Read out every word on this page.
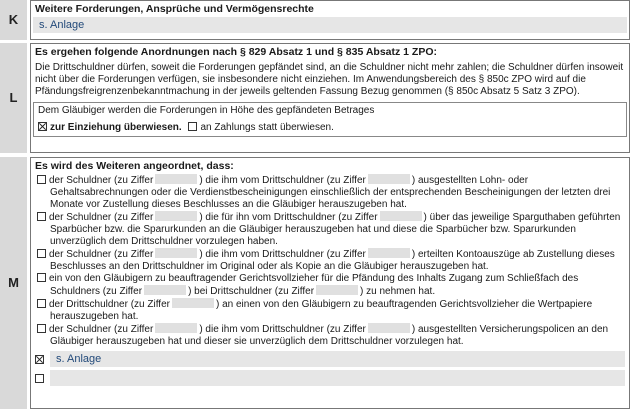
K
Weitere Forderungen, Ansprüche und Vermögensrechte
s. Anlage
L
Es ergehen folgende Anordnungen nach § 829 Absatz 1 und § 835 Absatz 1 ZPO:
Die Drittschuldner dürfen, soweit die Forderungen gepfändet sind, an die Schuldner nicht mehr zahlen; die Schuldner dürfen insoweit nicht über die Forderungen verfügen, sie insbesondere nicht einziehen. Im Anwendungsbereich des § 850c ZPO wird auf die Pfändungsfreigrenzenbekanntmachung in der jeweils geltenden Fassung Bezug genommen (§ 850c Absatz 5 Satz 3 ZPO).
Dem Gläubiger werden die Forderungen in Höhe des gepfändeten Betrages
zur Einziehung überwiesen. an Zahlungs statt überwiesen.
M
Es wird des Weiteren angeordnet, dass:
der Schuldner (zu Ziffer	) die ihm vom Drittschuldner (zu Ziffer	) ausgestellten Lohn- oder Gehaltsabrechnungen oder die Verdienstbescheinigungen einschließlich der entsprechenden Bescheinigungen der letzten drei Monate vor Zustellung dieses Beschlusses an die Gläubiger herauszugeben hat.
der Schuldner (zu Ziffer	) die für ihn vom Drittschuldner (zu Ziffer	) über das jeweilige Sparguthaben geführten Sparbücher bzw. die Sparurkunden an die Gläubiger herauszugeben hat und diese die Sparbücher bzw. Sparurkunden unverzüglich dem Drittschuldner vorzulegen haben.
der Schuldner (zu Ziffer	) die ihm vom Drittschuldner (zu Ziffer	) erteilten Kontoauszüge ab Zustellung dieses Beschlusses an den Drittschuldner im Original oder als Kopie an die Gläubiger herauszugeben hat.
ein von den Gläubigern zu beauftragender Gerichtsvollzieher für die Pfändung des Inhalts Zugang zum Schließfach des Schuldners (zu Ziffer	) bei Drittschuldner (zu Ziffer	) zu nehmen hat.
der Drittschuldner (zu Ziffer	) an einen von den Gläubigern zu beauftragenden Gerichtsvollzieher die Wertpapiere herauszugeben hat.
der Schuldner (zu Ziffer	) die ihm vom Drittschuldner (zu Ziffer	) ausgestellten Versicherungspolicen an den Gläubiger herauszugeben hat und dieser sie unverzüglich dem Drittschuldner vorzulegen hat.
s. Anlage
